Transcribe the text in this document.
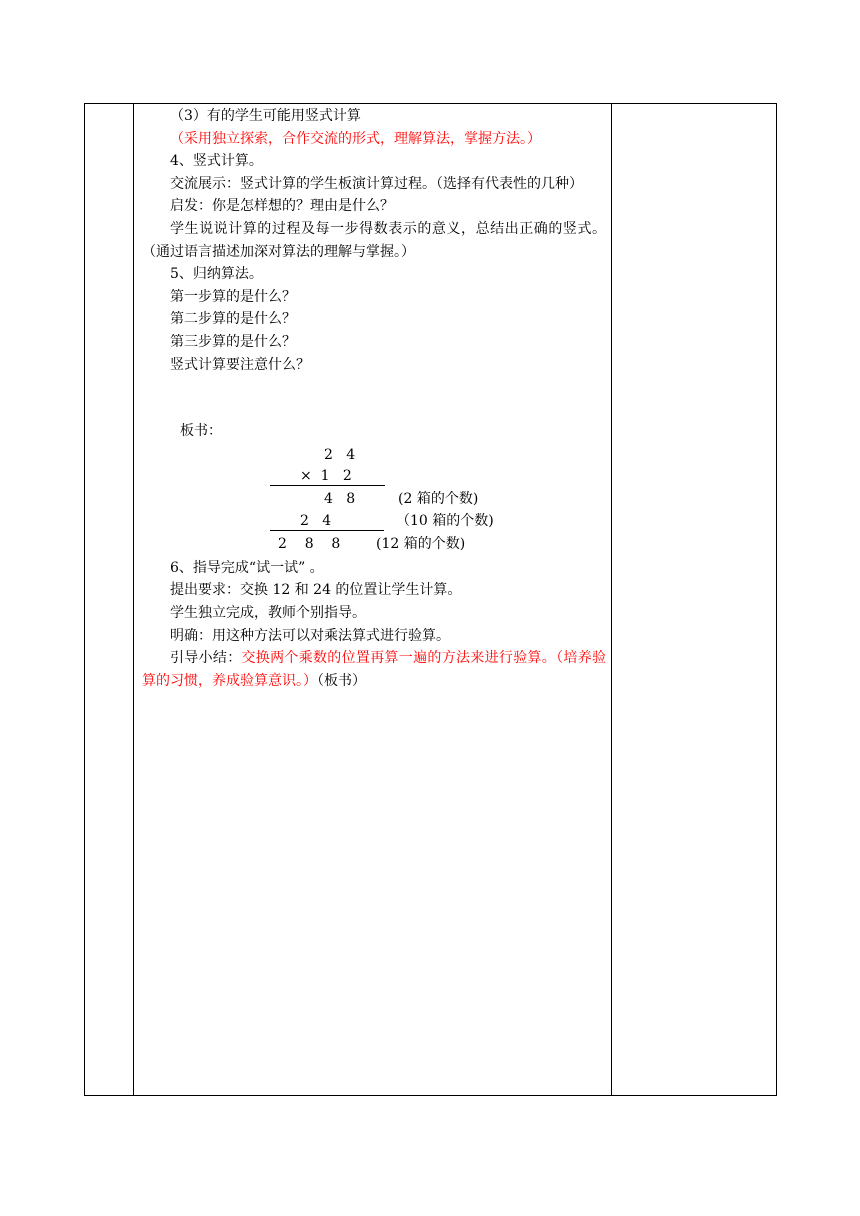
（3）有的学生可能用竖式计算

（采用独立探索，合作交流的形式，理解算法，掌握方法。）

4、竖式计算。

交流展示：竖式计算的学生板演计算过程。（选择有代表性的几种）

启发：你是怎样想的？理由是什么？

学生说说计算的过程及每一步得数表示的意义，总结出正确的竖式。（通过语言描述加深对算法的理解与掌握。）

5、归纳算法。

第一步算的是什么？

第二步算的是什么？

第三步算的是什么？

竖式计算要注意什么？

板书：

2   4
×  1   2
4   8	(2 箱的个数)
2   4	（10 箱的个数)
2    8    8	(12 箱的个数)

6、指导完成“试一试” 。

提出要求：交换 12 和 24 的位置让学生计算。

学生独立完成，教师个别指导。

明确：用这种方法可以对乘法算式进行验算。

引导小结：交换两个乘数的位置再算一遍的方法来进行验算。（培养验算的习惯，养成验算意识。）（板书）
